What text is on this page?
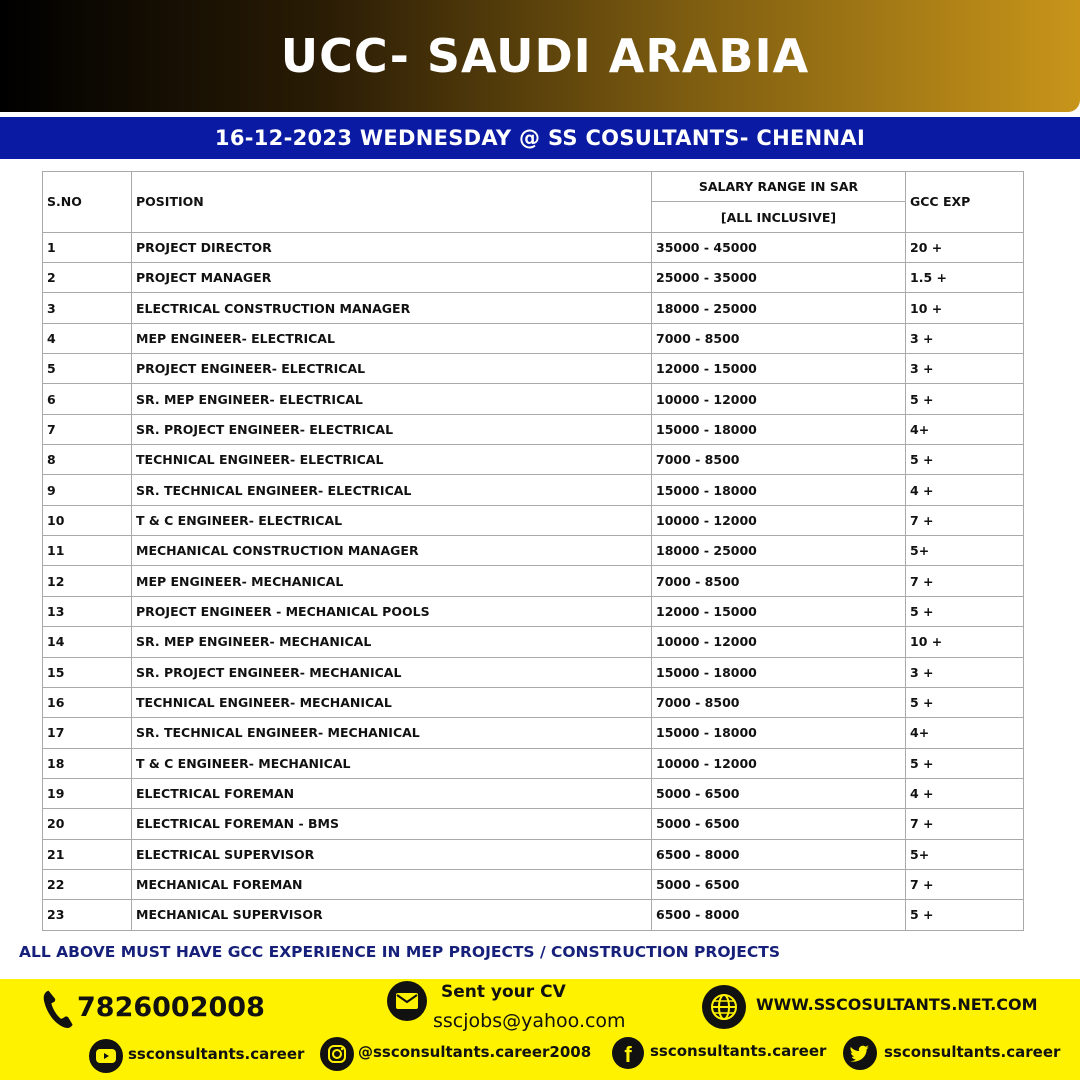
UCC- SAUDI ARABIA
16-12-2023 WEDNESDAY @ SS COSULTANTS- CHENNAI
S.NO	POSITION	SALARY RANGE IN SAR	GCC EXP
		[ALL INCLUSIVE]	
1	PROJECT DIRECTOR	35000 - 45000	20 +
2	PROJECT MANAGER	25000 - 35000	1.5 +
3	ELECTRICAL CONSTRUCTION MANAGER	18000 - 25000	10 +
4	MEP ENGINEER- ELECTRICAL	7000 - 8500	3 +
5	PROJECT ENGINEER- ELECTRICAL	12000 - 15000	3 +
6	SR. MEP ENGINEER- ELECTRICAL	10000 - 12000	5 +
7	SR. PROJECT ENGINEER- ELECTRICAL	15000 - 18000	4+
8	TECHNICAL ENGINEER- ELECTRICAL	7000 - 8500	5 +
9	SR. TECHNICAL ENGINEER- ELECTRICAL	15000 - 18000	4 +
10	T & C ENGINEER- ELECTRICAL	10000 - 12000	7 +
11	MECHANICAL CONSTRUCTION MANAGER	18000 - 25000	5+
12	MEP ENGINEER- MECHANICAL	7000 - 8500	7 +
13	PROJECT ENGINEER - MECHANICAL POOLS	12000 - 15000	5 +
14	SR. MEP ENGINEER- MECHANICAL	10000 - 12000	10 +
15	SR. PROJECT ENGINEER- MECHANICAL	15000 - 18000	3 +
16	TECHNICAL ENGINEER- MECHANICAL	7000 - 8500	5 +
17	SR. TECHNICAL ENGINEER- MECHANICAL	15000 - 18000	4+
18	T & C ENGINEER- MECHANICAL	10000 - 12000	5 +
19	ELECTRICAL FOREMAN	5000 - 6500	4 +
20	ELECTRICAL FOREMAN - BMS	5000 - 6500	7 +
21	ELECTRICAL SUPERVISOR	6500 - 8000	5+
22	MECHANICAL FOREMAN	5000 - 6500	7 +
23	MECHANICAL SUPERVISOR	6500 - 8000	5 +
ALL ABOVE MUST HAVE GCC EXPERIENCE IN MEP PROJECTS / CONSTRUCTION PROJECTS
7826002008	Sent your CV
sscjobs@yahoo.com
WWW.SSCOSULTANTS.NET.COM
ssconsultants.career	@ssconsultants.career2008 f ssconsultants.career	ssconsultants.career
